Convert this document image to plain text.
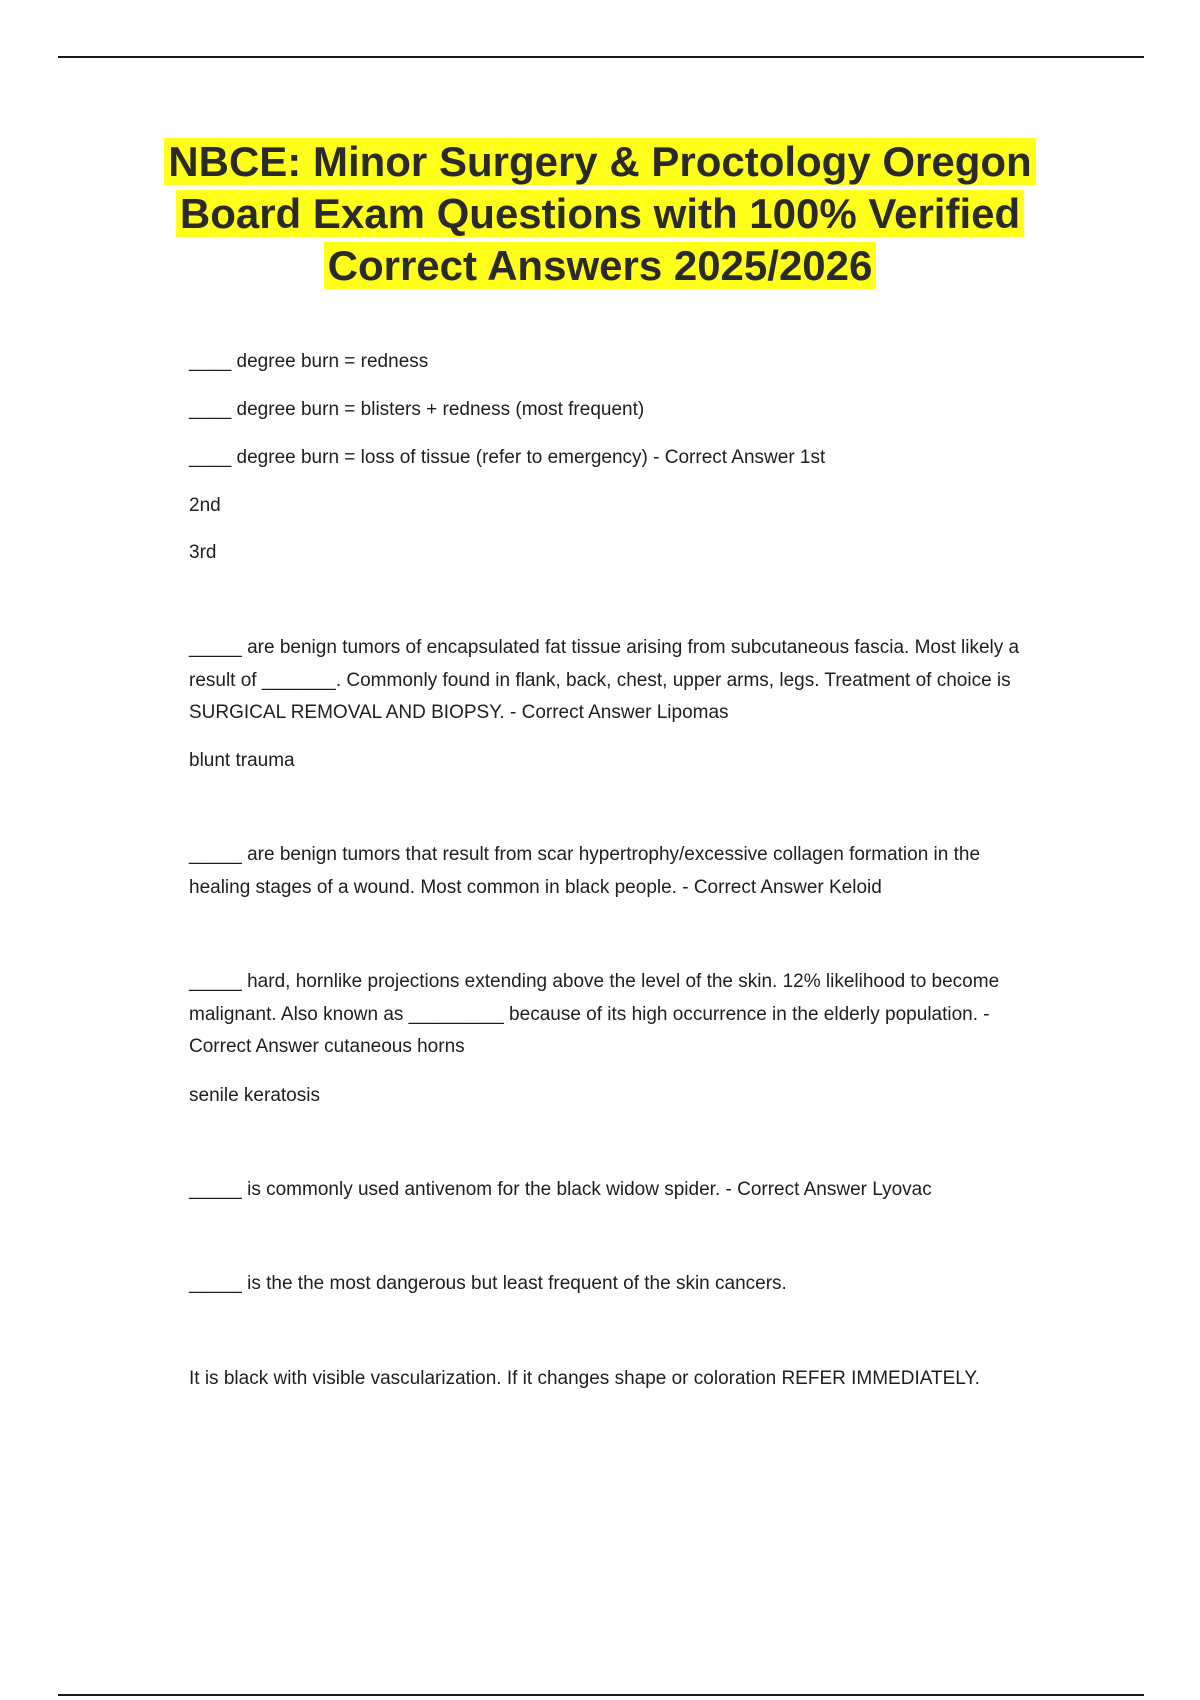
NBCE: Minor Surgery & Proctology Oregon Board Exam Questions with 100% Verified Correct Answers 2025/2026

____ degree burn = redness

____ degree burn = blisters + redness (most frequent)

____ degree burn = loss of tissue (refer to emergency) - Correct Answer 1st

2nd

3rd

_____ are benign tumors of encapsulated fat tissue arising from subcutaneous fascia. Most likely a result of _______. Commonly found in flank, back, chest, upper arms, legs. Treatment of choice is SURGICAL REMOVAL AND BIOPSY. - Correct Answer Lipomas

blunt trauma

_____ are benign tumors that result from scar hypertrophy/excessive collagen formation in the healing stages of a wound. Most common in black people. - Correct Answer Keloid

_____ hard, hornlike projections extending above the level of the skin. 12% likelihood to become malignant. Also known as _________ because of its high occurrence in the elderly population. - Correct Answer cutaneous horns

senile keratosis

_____ is commonly used antivenom for the black widow spider. - Correct Answer Lyovac

_____ is the the most dangerous but least frequent of the skin cancers.

It is black with visible vascularization. If it changes shape or coloration REFER IMMEDIATELY.
